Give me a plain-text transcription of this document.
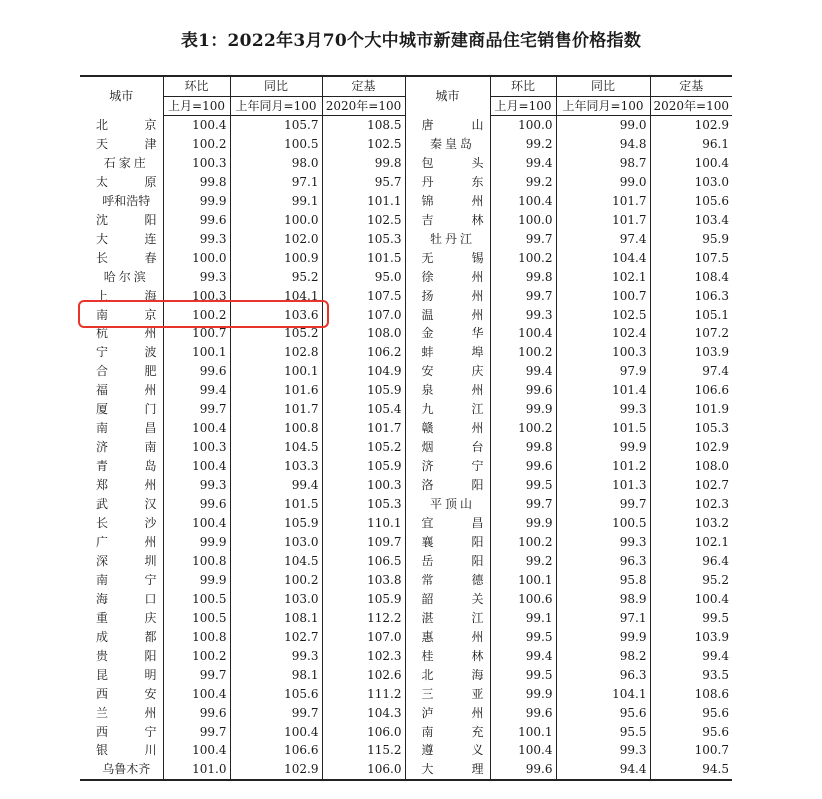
表1：2022年3月70个大中城市新建商品住宅销售价格指数
城市	环比	同比	定基	城市	环比	同比	定基
	上月=100	上年同月=100	2020年=100		上月=100	上年同月=100	2020年=100

北 京	100.4	105.7	108.5	唐 山	100.0	99.0	102.9

天 津	100.2	100.5	102.5	秦皇岛	99.2	94.8	96.1

石家庄	100.3	98.0	99.8	包 头	99.4	98.7	100.4

太 原	99.8	97.1	95.7	丹 东	99.2	99.0	103.0

呼和浩特	99.9	99.1	101.1	锦 州	100.4	101.7	105.6

沈 阳	99.6	100.0	102.5	吉 林	100.0	101.7	103.4

大 连	99.3	102.0	105.3	牡丹江	99.7	97.4	95.9

长 春	100.0	100.9	101.5	无 锡	100.2	104.4	107.5

哈尔滨	99.3	95.2	95.0	徐 州	99.8	102.1	108.4

上 海	100.3	104.1	107.5	扬 州	99.7	100.7	106.3

南 京	100.2	103.6	107.0	温 州	99.3	102.5	105.1

杭 州	100.7	105.2	108.0	金 华	100.4	102.4	107.2

宁 波	100.1	102.8	106.2	蚌 埠	100.2	100.3	103.9

合 肥	99.6	100.1	104.9	安 庆	99.4	97.9	97.4

福 州	99.4	101.6	105.9	泉 州	99.6	101.4	106.6

厦 门	99.7	101.7	105.4	九 江	99.9	99.3	101.9

南 昌	100.4	100.8	101.7	赣 州	100.2	101.5	105.3

济 南	100.3	104.5	105.2	烟 台	99.8	99.9	102.9

青 岛	100.4	103.3	105.9	济 宁	99.6	101.2	108.0

郑 州	99.3	99.4	100.3	洛 阳	99.5	101.3	102.7

武 汉	99.6	101.5	105.3	平顶山	99.7	99.7	102.3

长 沙	100.4	105.9	110.1	宜 昌	99.9	100.5	103.2

广 州	99.9	103.0	109.7	襄 阳	100.2	99.3	102.1

深 圳	100.8	104.5	106.5	岳 阳	99.2	96.3	96.4

南 宁	99.9	100.2	103.8	常 德	100.1	95.8	95.2

海 口	100.5	103.0	105.9	韶 关	100.6	98.9	100.4

重 庆	100.5	108.1	112.2	湛 江	99.1	97.1	99.5

成 都	100.8	102.7	107.0	惠 州	99.5	99.9	103.9

贵 阳	100.2	99.3	102.3	桂 林	99.4	98.2	99.4

昆 明	99.7	98.1	102.6	北 海	99.5	96.3	93.5

西 安	100.4	105.6	111.2	三 亚	99.9	104.1	108.6

兰 州	99.6	99.7	104.3	泸 州	99.6	95.6	95.6

西 宁	99.7	100.4	106.0	南 充	100.1	95.5	95.6

银 川	100.4	106.6	115.2	遵 义	100.4	99.3	100.7

乌鲁木齐	101.0	102.9	106.0	大 理	99.6	94.4	94.5
